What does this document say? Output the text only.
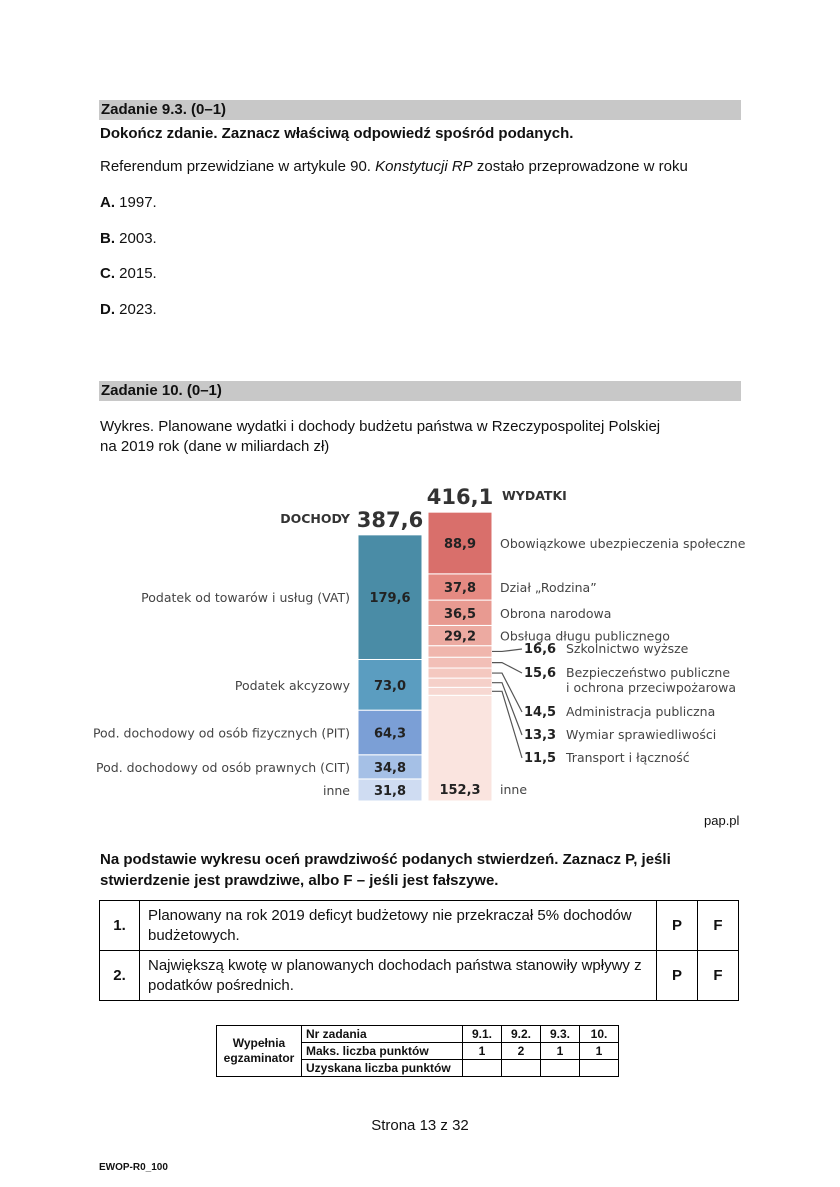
Zadanie 9.3. (0–1)
Dokończ zdanie. Zaznacz właściwą odpowiedź spośród podanych.
Referendum przewidziane w artykule 90. Konstytucji RP zostało przeprowadzone w roku
A. 1997.
B. 2003.
C. 2015.
D. 2023.
Zadanie 10. (0–1)
Wykres. Planowane wydatki i dochody budżetu państwa w Rzeczypospolitej Polskiej
na 2019 rok (dane w miliardach zł)
31,8
inne
34,8
Pod. dochodowy od osób prawnych (CIT)
64,3
Pod. dochodowy od osób fizycznych (PIT)
73,0
Podatek akcyzowy
179,6
Podatek od towarów i usług (VAT)
DOCHODY 387,6
416,1 WYDATKI
152,3 inne
11,5 Transport i łączność
13,3 Wymiar sprawiedliwości
14,5 Administracja publiczna
15,6 Bezpieczeństwo publiczne
i ochrona przeciwpożarowa
16,6 Szkolnictwo wyższe
29,2 Obsługa długu publicznego
36,5 Obrona narodowa
37,8 Dział „Rodzina”
88,9 Obowiązkowe ubezpieczenia społeczne
pap.pl
Na podstawie wykresu oceń prawdziwość podanych stwierdzeń. Zaznacz P, jeśli
stwierdzenie jest prawdziwe, albo F – jeśli jest fałszywe.
1.	Planowany na rok 2019 deficyt budżetowy nie przekraczał 5% dochodów budżetowych.	P	F
2.	Największą kwotę w planowanych dochodach państwa stanowiły wpływy z podatków pośrednich.	P	F
Wypełnia
egzaminator	Nr zadania	9.1.	9.2.	9.3.	10.
	Maks. liczba punktów	1	2	1	1
	Uzyskana liczba punktów				
Strona 13 z 32
EWOP-R0_100
